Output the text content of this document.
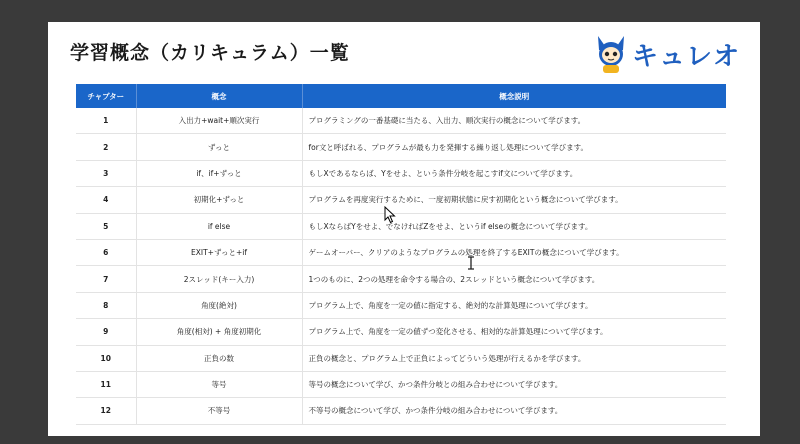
学習概念（カリキュラム）一覧	キュレオ
チャプター	概念	概念説明
1	入出力+wait+順次実行	プログラミングの一番基礎に当たる、入出力、順次実行の概念について学びます。
2	ずっと	for文と呼ばれる、プログラムが最も力を発揮する繰り返し処理について学びます。
3	if、if+ずっと	もしXであるならば、Yをせよ、という条件分岐を起こすif文について学びます。
4	初期化+ずっと	プログラムを再度実行するために、一度初期状態に戻す初期化という概念について学びます。
5	if else	もしXならばYをせよ、でなければZをせよ、というif elseの概念について学びます。
6	EXIT+ずっと+if	ゲームオーバー、クリアのようなプログラムの処理を終了するEXITの概念について学びます。
7	2スレッド(キー入力)	1つのものに、2つの処理を命令する場合の、2スレッドという概念について学びます。
8	角度(絶対)	プログラム上で、角度を一定の値に指定する、絶対的な計算処理について学びます。
9	角度(相対) + 角度初期化	プログラム上で、角度を一定の値ずつ変化させる、相対的な計算処理について学びます。
10	正負の数	正負の概念と、プログラム上で正負によってどういう処理が行えるかを学びます。
11	等号	等号の概念について学び、かつ条件分岐との組み合わせについて学びます。
12	不等号	不等号の概念について学び、かつ条件分岐の組み合わせについて学びます。
